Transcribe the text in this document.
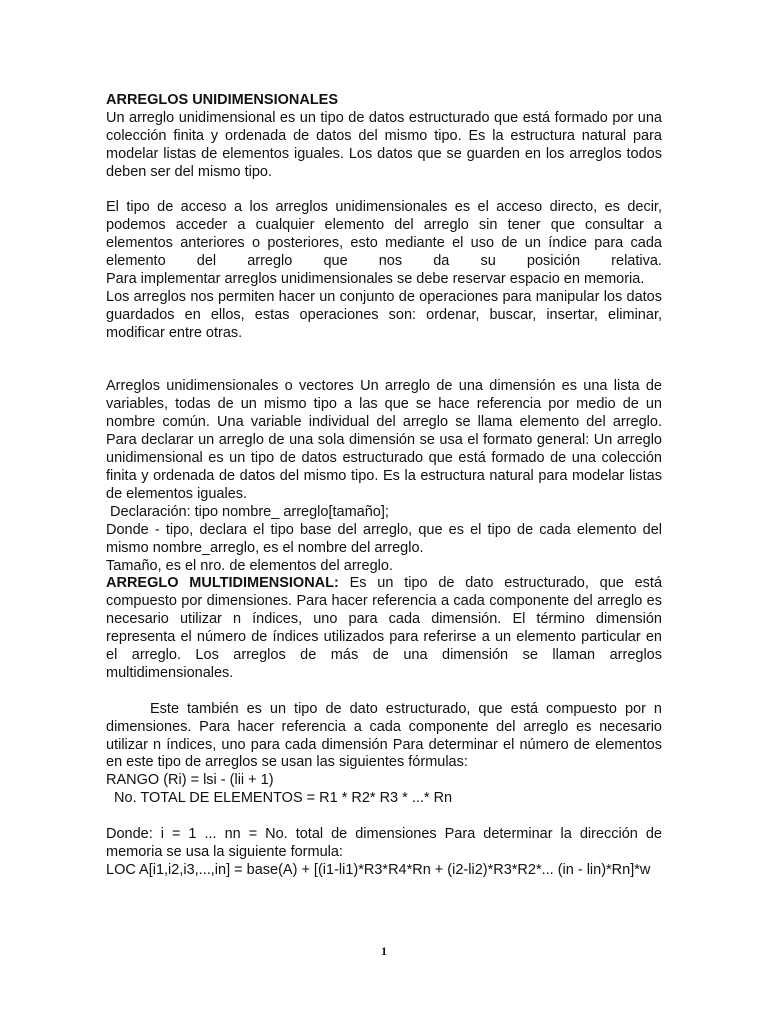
ARREGLOS UNIDIMENSIONALES

Un arreglo unidimensional es un tipo de datos estructurado que está formado por una colección finita y ordenada de datos del mismo tipo. Es la estructura natural para modelar listas de elementos iguales. Los datos que se guarden en los arreglos todos deben ser del mismo tipo.

El tipo de acceso a los arreglos unidimensionales es el acceso directo, es decir, podemos acceder a cualquier elemento del arreglo sin tener que consultar a elementos anteriores o posteriores, esto mediante el uso de un índice para cada

elemento del arreglo que nos da su posición relativa.

Para implementar arreglos unidimensionales se debe reservar espacio en memoria.

Los arreglos nos permiten hacer un conjunto de operaciones para manipular los datos guardados en ellos, estas operaciones son: ordenar, buscar, insertar, eliminar, modificar entre otras.

Arreglos unidimensionales o vectores Un arreglo de una dimensión es una lista de variables, todas de un mismo tipo a las que se hace referencia por medio de un nombre común. Una variable individual del arreglo se llama elemento del arreglo. Para declarar un arreglo de una sola dimensión se usa el formato general: Un arreglo unidimensional es un tipo de datos estructurado que está formado de una colección finita y ordenada de datos del mismo tipo. Es la estructura natural para modelar listas de elementos iguales.

Declaración: tipo nombre_ arreglo[tamaño];

Donde - tipo, declara el tipo base del arreglo, que es el tipo de cada elemento del mismo nombre_arreglo, es el nombre del arreglo.

Tamaño, es el nro. de elementos del arreglo.

ARREGLO MULTIDIMENSIONAL: Es un tipo de dato estructurado, que está compuesto por dimensiones. Para hacer referencia a cada componente del arreglo es necesario utilizar n índices, uno para cada dimensión. El término dimensión representa el número de índices utilizados para referirse a un elemento particular en el arreglo. Los arreglos de más de una dimensión se llaman arreglos multidimensionales.

Este también es un tipo de dato estructurado, que está compuesto por n dimensiones. Para hacer referencia a cada componente del arreglo es necesario utilizar n índices, uno para cada dimensión Para determinar el número de elementos en este tipo de arreglos se usan las siguientes fórmulas:

RANGO (Ri) = lsi - (lii + 1)

No. TOTAL DE ELEMENTOS = R1 * R2* R3 * ...* Rn

Donde: i = 1 ... nn = No. total de dimensiones Para determinar la dirección de memoria se usa la siguiente formula:

LOC A[i1,i2,i3,...,in] = base(A) + [(i1-li1)*R3*R4*Rn + (i2-li2)*R3*R2*... (in - lin)*Rn]*w

1
